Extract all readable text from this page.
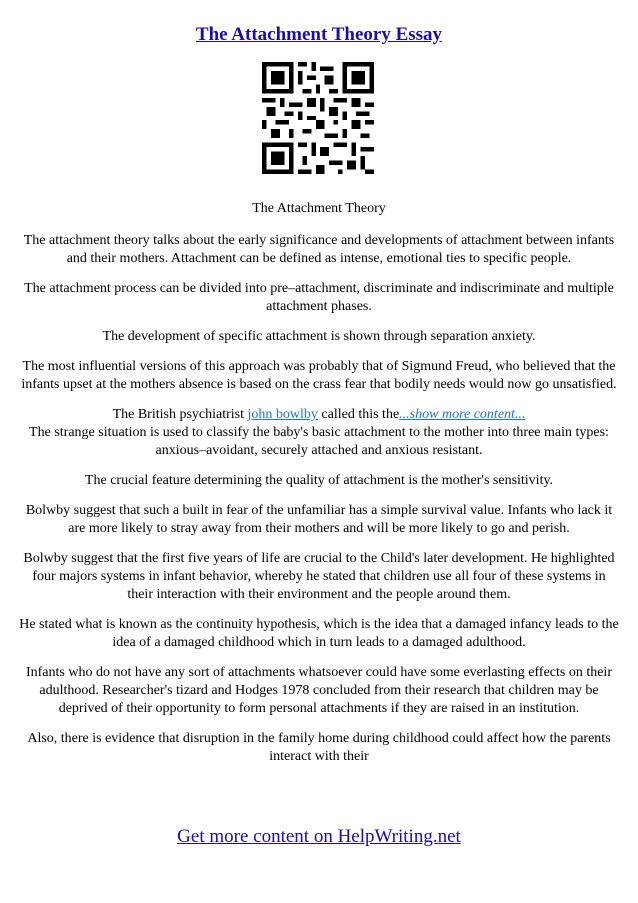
The Attachment Theory Essay
The Attachment Theory

The attachment theory talks about the early significance and developments of attachment between infants and their mothers. Attachment can be defined as intense, emotional ties to specific people.

The attachment process can be divided into pre–attachment, discriminate and indiscriminate and multiple attachment phases.

The development of specific attachment is shown through separation anxiety.

The most influential versions of this approach was probably that of Sigmund Freud, who believed that the infants upset at the mothers absence is based on the crass fear that bodily needs would now go unsatisfied.

The British psychiatrist john bowlby called this the...show more content...

The strange situation is used to classify the baby's basic attachment to the mother into three main types: anxious–avoidant, securely attached and anxious resistant.

The crucial feature determining the quality of attachment is the mother's sensitivity.

Bolwby suggest that such a built in fear of the unfamiliar has a simple survival value. Infants who lack it are more likely to stray away from their mothers and will be more likely to go and perish.

Bolwby suggest that the first five years of life are crucial to the Child's later development. He highlighted four majors systems in infant behavior, whereby he stated that children use all four of these systems in their interaction with their environment and the people around them.

He stated what is known as the continuity hypothesis, which is the idea that a damaged infancy leads to the idea of a damaged childhood which in turn leads to a damaged adulthood.

Infants who do not have any sort of attachments whatsoever could have some everlasting effects on their adulthood. Researcher's tizard and Hodges 1978 concluded from their research that children may be deprived of their opportunity to form personal attachments if they are raised in an institution.

Also, there is evidence that disruption in the family home during childhood could affect how the parents interact with their

Get more content on HelpWriting.net
